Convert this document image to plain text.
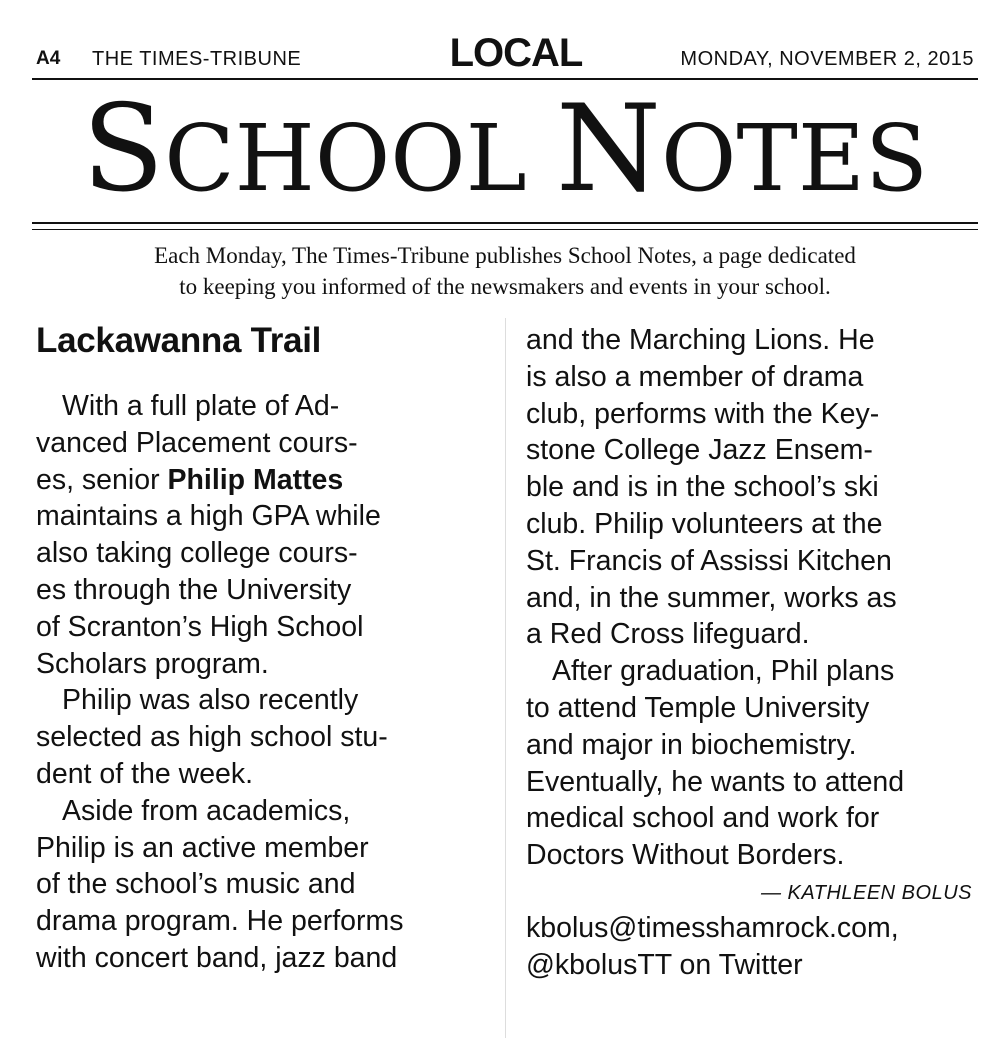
A4 THE TIMES-TRIBUNE	LOCAL	MONDAY, NOVEMBER 2, 2015
SCHOOL NOTES
Each Monday, The Times-Tribune publishes School Notes, a page dedicated
to keeping you informed of the newsmakers and events in your school.
Lackawanna Trail
With a full plate of Ad-
vanced Placement cours-
es, senior Philip Mattes
maintains a high GPA while
also taking college cours-
es through the University
of Scranton’s High School
Scholars program.
Philip was also recently
selected as high school stu-
dent of the week.
Aside from academics,
Philip is an active member
of the school’s music and
drama program. He performs
with concert band, jazz band
and the Marching Lions. He
is also a member of drama
club, performs with the Key-
stone College Jazz Ensem-
ble and is in the school’s ski
club. Philip volunteers at the
St. Francis of Assissi Kitchen
and, in the summer, works as
a Red Cross lifeguard.
After graduation, Phil plans
to attend Temple University
and major in biochemistry.
Eventually, he wants to attend
medical school and work for
Doctors Without Borders.
— KATHLEEN BOLUS
kbolus@timesshamrock.com,
@kbolusTT on Twitter
